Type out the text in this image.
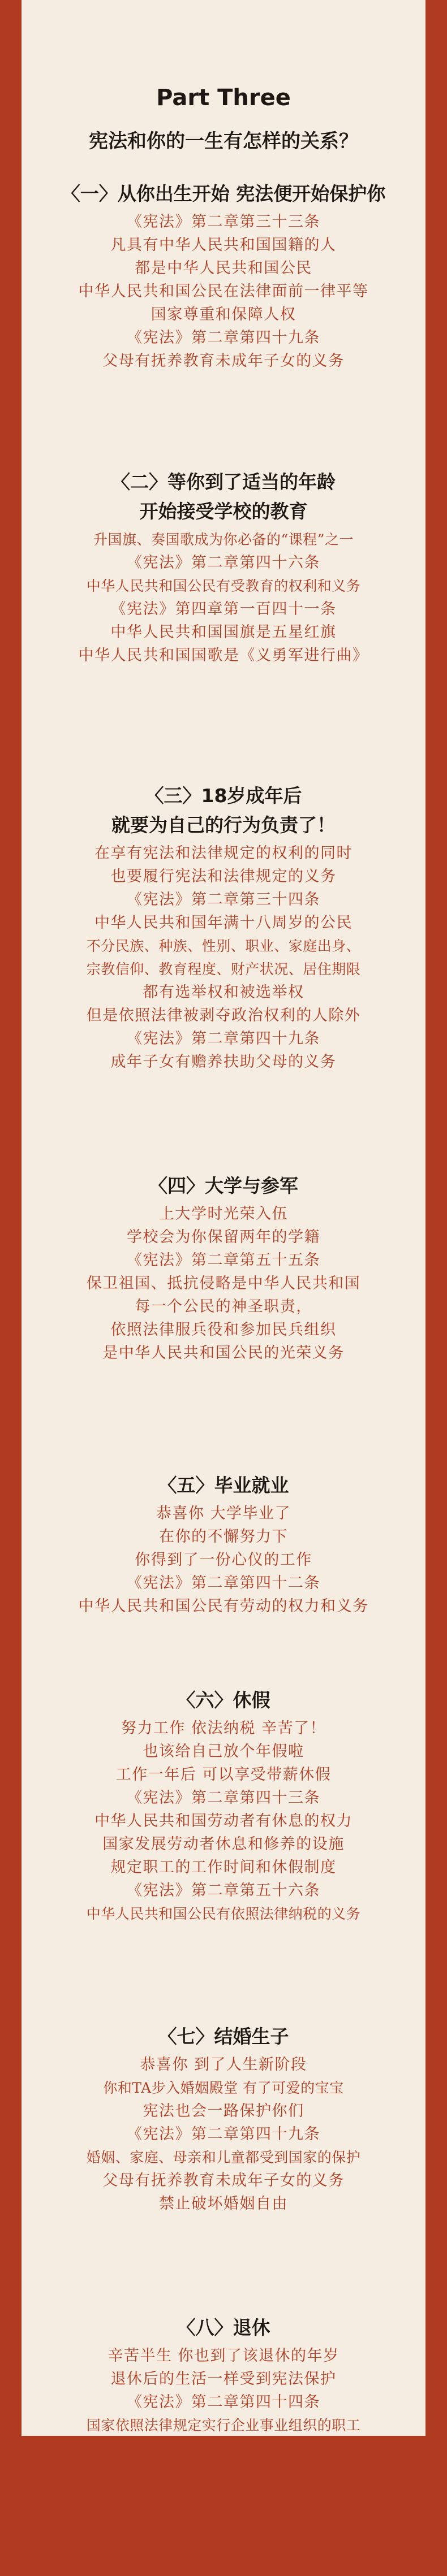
Part Three
宪法和你的一生有怎样的关系？
〈一〉从你出生开始 宪法便开始保护你
《宪法》第二章第三十三条
凡具有中华人民共和国国籍的人
都是中华人民共和国公民
中华人民共和国公民在法律面前一律平等
国家尊重和保障人权
《宪法》第二章第四十九条
父母有抚养教育未成年子女的义务
〈二〉等你到了适当的年龄
开始接受学校的教育
升国旗、奏国歌成为你必备的“课程”之一
《宪法》第二章第四十六条
中华人民共和国公民有受教育的权利和义务
《宪法》第四章第一百四十一条
中华人民共和国国旗是五星红旗
中华人民共和国国歌是《义勇军进行曲》
〈三〉18岁成年后
就要为自己的行为负责了！
在享有宪法和法律规定的权利的同时
也要履行宪法和法律规定的义务
《宪法》第二章第三十四条
中华人民共和国年满十八周岁的公民
不分民族、种族、性别、职业、家庭出身、
宗教信仰、教育程度、财产状况、居住期限
都有选举权和被选举权
但是依照法律被剥夺政治权利的人除外
《宪法》第二章第四十九条
成年子女有赡养扶助父母的义务
〈四〉大学与参军
上大学时光荣入伍
学校会为你保留两年的学籍
《宪法》第二章第五十五条
保卫祖国、抵抗侵略是中华人民共和国
每一个公民的神圣职责，
依照法律服兵役和参加民兵组织
是中华人民共和国公民的光荣义务
〈五〉毕业就业
恭喜你 大学毕业了
在你的不懈努力下
你得到了一份心仪的工作
《宪法》第二章第四十二条
中华人民共和国公民有劳动的权力和义务
〈六〉休假
努力工作 依法纳税 辛苦了！
也该给自己放个年假啦
工作一年后 可以享受带薪休假
《宪法》第二章第四十三条
中华人民共和国劳动者有休息的权力
国家发展劳动者休息和修养的设施
规定职工的工作时间和休假制度
《宪法》第二章第五十六条
中华人民共和国公民有依照法律纳税的义务
〈七〉结婚生子
恭喜你 到了人生新阶段
你和TA步入婚姻殿堂 有了可爱的宝宝
宪法也会一路保护你们
《宪法》第二章第四十九条
婚姻、家庭、母亲和儿童都受到国家的保护
父母有抚养教育未成年子女的义务
禁止破坏婚姻自由
〈八〉退休
辛苦半生 你也到了该退休的年岁
退休后的生活一样受到宪法保护
《宪法》第二章第四十四条
国家依照法律规定实行企业事业组织的职工
和国家机关工作人员的退休制度
退休人员的生活受到国家和社会的保障
《宪法》第二章第四十五条
中华人民共和国公民在年老、疾病或者
丧失劳动能力的情况下
有从国家和社会获得物质帮助的权力
